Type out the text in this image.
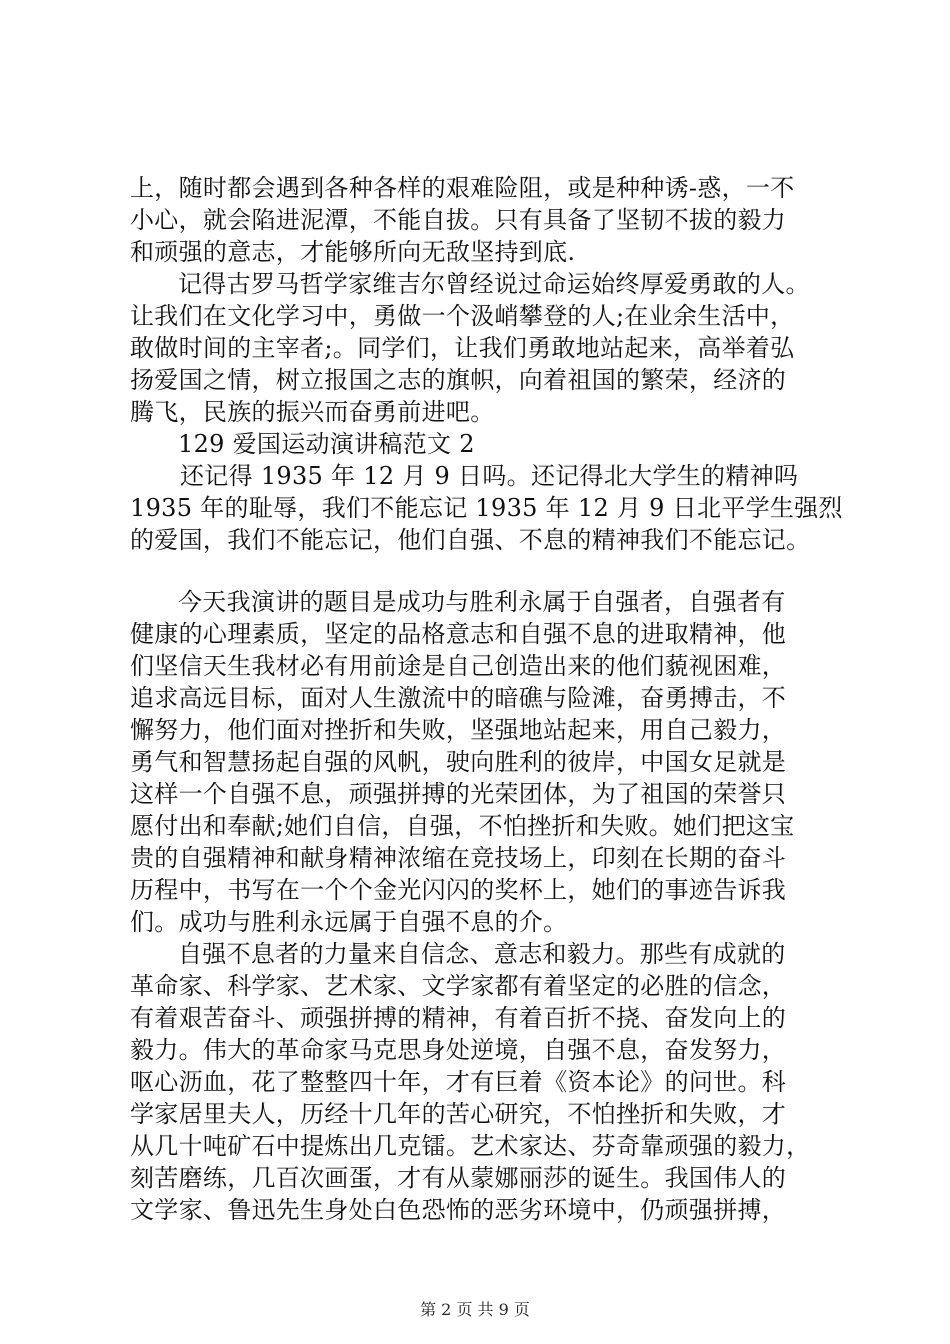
上，随时都会遇到各种各样的艰难险阻，或是种种诱-惑，一不
小心，就会陷进泥潭，不能自拔。只有具备了坚韧不拔的毅力
和顽强的意志，才能够所向无敌坚持到底.
记得古罗马哲学家维吉尔曾经说过命运始终厚爱勇敢的人。
让我们在文化学习中，勇做一个汲峭攀登的人;在业余生活中，
敢做时间的主宰者;。同学们，让我们勇敢地站起来，高举着弘
扬爱国之情，树立报国之志的旗帜，向着祖国的繁荣，经济的
腾飞，民族的振兴而奋勇前进吧。
129 爱国运动演讲稿范文 2
还记得 1935 年 12 月 9 日吗。还记得北大学生的精神吗
1935 年的耻辱，我们不能忘记 1935 年 12 月 9 日北平学生强烈
的爱国，我们不能忘记，他们自强、不息的精神我们不能忘记。
今天我演讲的题目是成功与胜利永属于自强者，自强者有
健康的心理素质，坚定的品格意志和自强不息的进取精神，他
们坚信天生我材必有用前途是自己创造出来的他们藐视困难，
追求高远目标，面对人生激流中的暗礁与险滩，奋勇搏击，不
懈努力，他们面对挫折和失败，坚强地站起来，用自己毅力，
勇气和智慧扬起自强的风帆，驶向胜利的彼岸，中国女足就是
这样一个自强不息，顽强拼搏的光荣团体，为了祖国的荣誉只
愿付出和奉献;她们自信，自强，不怕挫折和失败。她们把这宝
贵的自强精神和献身精神浓缩在竞技场上，印刻在长期的奋斗
历程中，书写在一个个金光闪闪的奖杯上，她们的事迹告诉我
们。成功与胜利永远属于自强不息的介。
自强不息者的力量来自信念、意志和毅力。那些有成就的
革命家、科学家、艺术家、文学家都有着坚定的必胜的信念，
有着艰苦奋斗、顽强拼搏的精神，有着百折不挠、奋发向上的
毅力。伟大的革命家马克思身处逆境，自强不息，奋发努力，
呕心沥血，花了整整四十年，才有巨着《资本论》的问世。科
学家居里夫人，历经十几年的苦心研究，不怕挫折和失败，才
从几十吨矿石中提炼出几克镭。艺术家达、芬奇靠顽强的毅力，
刻苦磨练，几百次画蛋，才有从蒙娜丽莎的诞生。我国伟人的
文学家、鲁迅先生身处白色恐怖的恶劣环境中，仍顽强拼搏，
第 2 页 共 9 页
